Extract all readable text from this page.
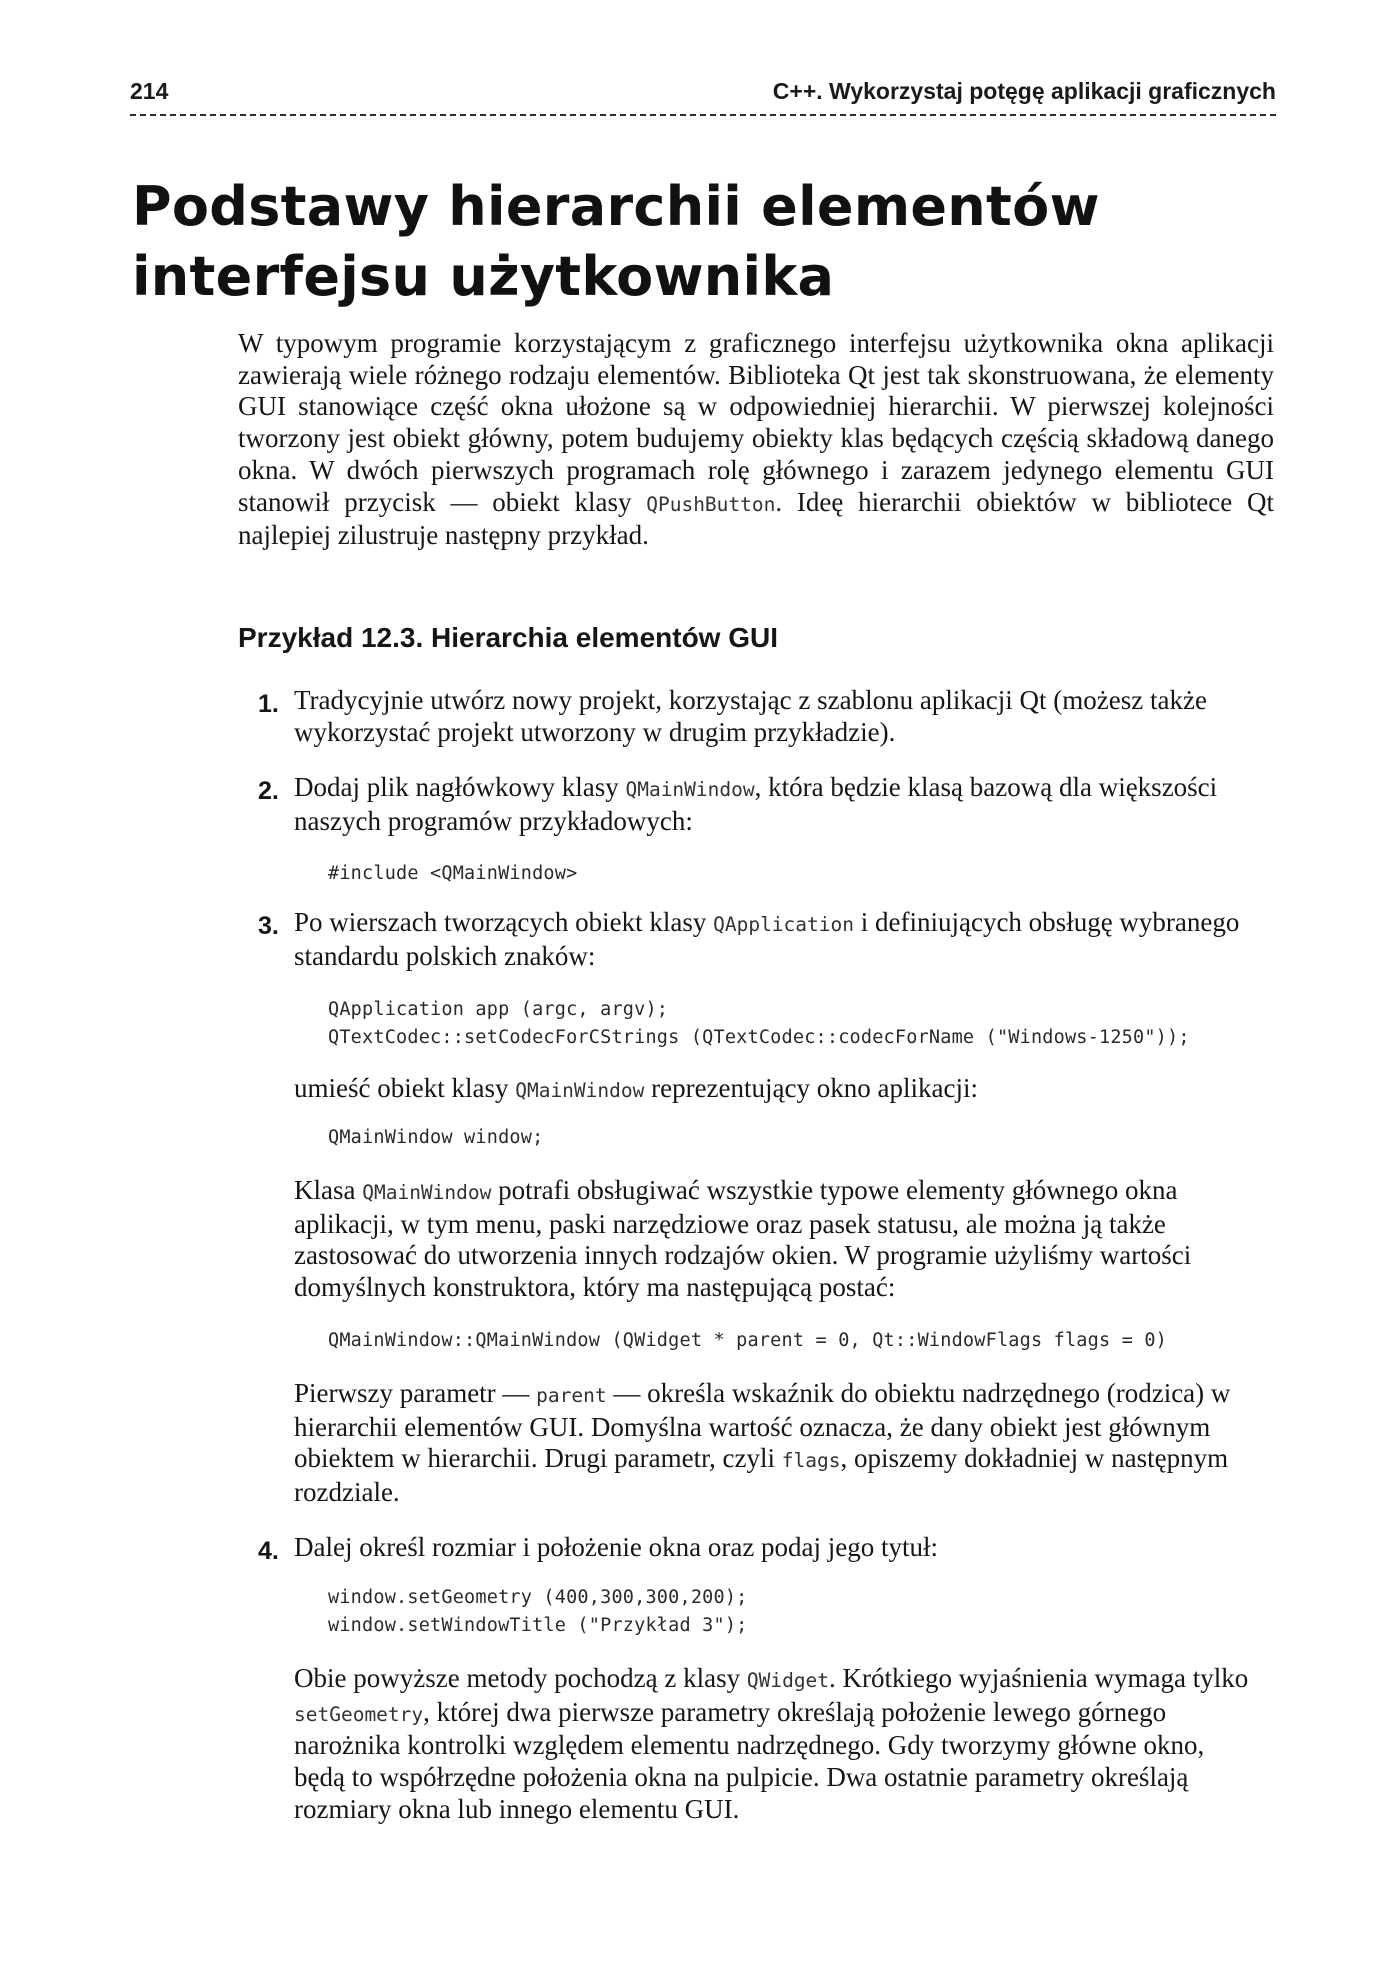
214	C++. Wykorzystaj potęgę aplikacji graficznych
Podstawy hierarchii elementów interfejsu użytkownika

W typowym programie korzystającym z graficznego interfejsu użytkownika okna aplikacji zawierają wiele różnego rodzaju elementów. Biblioteka Qt jest tak skonstruowana, że elementy GUI stanowiące część okna ułożone są w odpowiedniej hierarchii. W pierwszej kolejności tworzony jest obiekt główny, potem budujemy obiekty klas będących częścią składową danego okna. W dwóch pierwszych programach rolę głównego i zarazem jedynego elementu GUI stanowił przycisk — obiekt klasy QPushButton. Ideę hierarchii obiektów w bibliotece Qt najlepiej zilustruje następny przykład.

Przykład 12.3. Hierarchia elementów GUI
1. Tradycyjnie utwórz nowy projekt, korzystając z szablonu aplikacji Qt (możesz także wykorzystać projekt utworzony w drugim przykładzie).

2. Dodaj plik nagłówkowy klasy QMainWindow, która będzie klasą bazową dla większości naszych programów przykładowych:

#include <QMainWindow>
3. Po wierszach tworzących obiekt klasy QApplication i definiujących obsługę wybranego standardu polskich znaków:

QApplication app (argc, argv);
QTextCodec::setCodecForCStrings (QTextCodec::codecForName ("Windows-1250"));

umieść obiekt klasy QMainWindow reprezentujący okno aplikacji:

QMainWindow window;

Klasa QMainWindow potrafi obsługiwać wszystkie typowe elementy głównego okna aplikacji, w tym menu, paski narzędziowe oraz pasek statusu, ale można ją także zastosować do utworzenia innych rodzajów okien. W programie użyliśmy wartości domyślnych konstruktora, który ma następującą postać:

QMainWindow::QMainWindow (QWidget * parent = 0, Qt::WindowFlags flags = 0)

Pierwszy parametr — parent — określa wskaźnik do obiektu nadrzędnego (rodzica) w hierarchii elementów GUI. Domyślna wartość oznacza, że dany obiekt jest głównym obiektem w hierarchii. Drugi parametr, czyli flags, opiszemy dokładniej w następnym rozdziale.

4. Dalej określ rozmiar i położenie okna oraz podaj jego tytuł:

window.setGeometry (400,300,300,200);
window.setWindowTitle ("Przykład 3");

Obie powyższe metody pochodzą z klasy QWidget. Krótkiego wyjaśnienia wymaga tylko setGeometry, której dwa pierwsze parametry określają położenie lewego górnego narożnika kontrolki względem elementu nadrzędnego. Gdy tworzymy główne okno, będą to współrzędne położenia okna na pulpicie. Dwa ostatnie parametry określają rozmiary okna lub innego elementu GUI.
